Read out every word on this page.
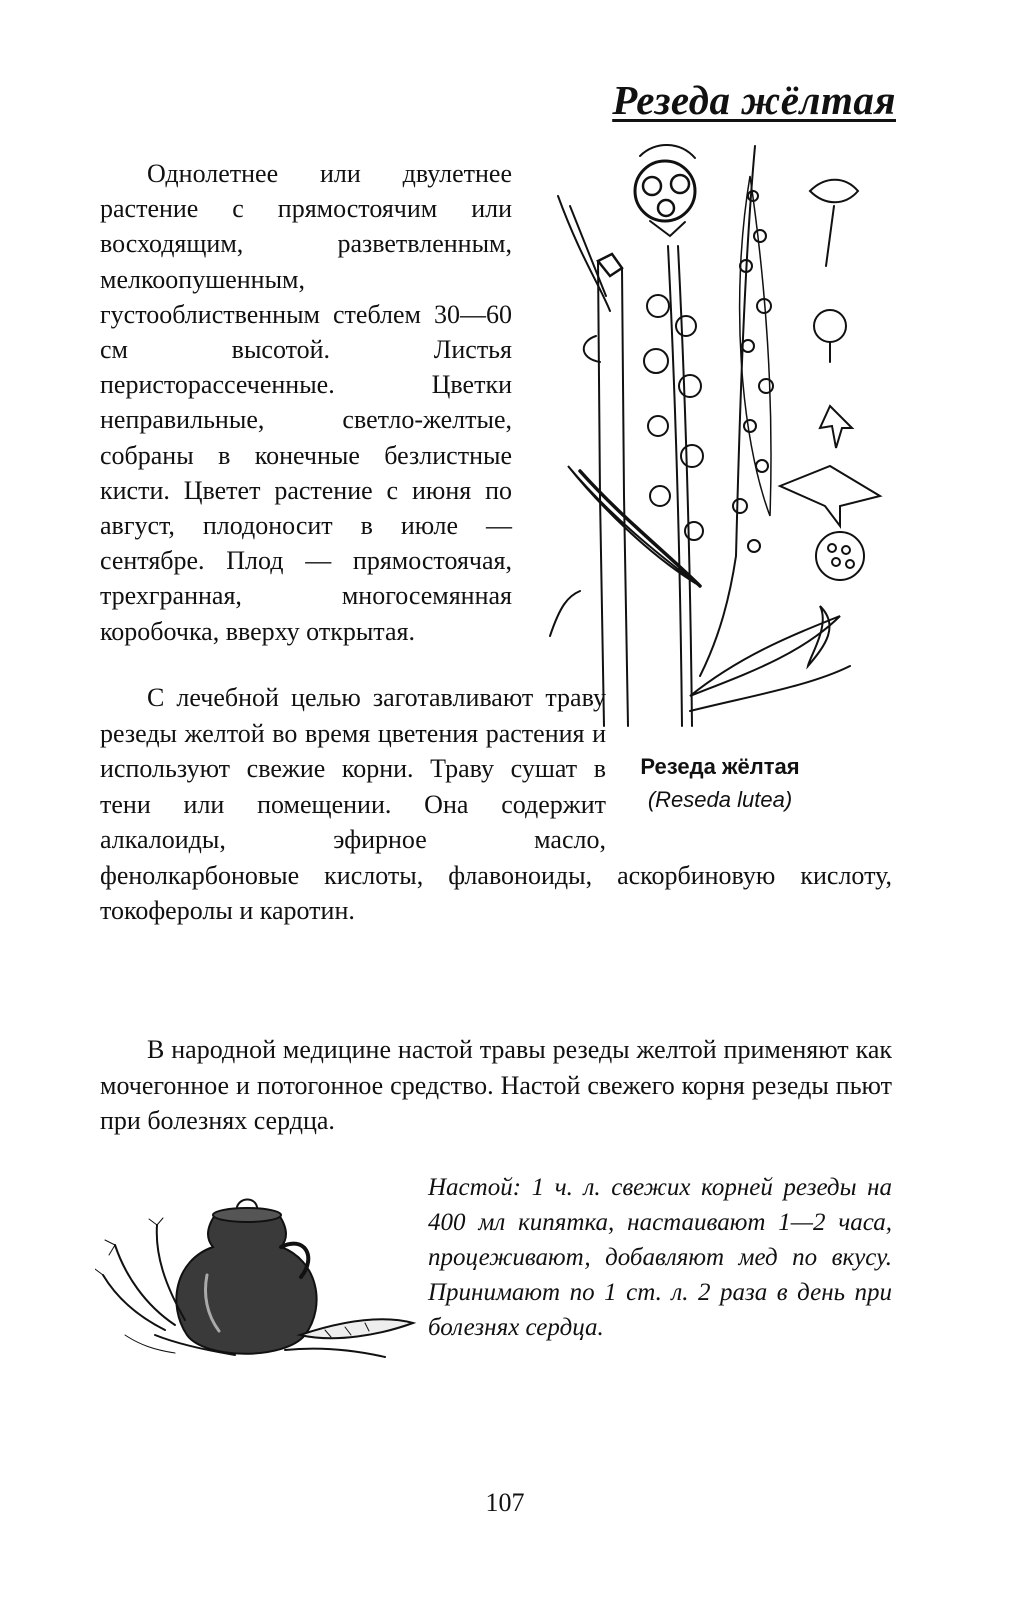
Резеда жёлтая
Однолетнее или двулетнее растение с прямостоячим или восходящим, разветвленным, мелкоопушенным, густооблиственным стеблем 30—60 см высотой. Листья перисторассеченные. Цветки неправильные, светло-желтые, собраны в конечные безлистные кисти. Цветет растение с июня по август, плодоносит в июле — сентябре. Плод — прямостоячая, трехгранная, многосемянная коробочка, вверху открытая.
Резеда жёлтая
(Reseda lutea)
С лечебной целью заготавливают траву резеды желтой во время цветения растения и используют свежие корни. Траву сушат в тени или помещении. Она содержит алкалоиды, эфирное масло, фенолкарбоновые кислоты, флавоноиды, аскорбиновую кислоту, токоферолы и каротин.
В народной медицине настой травы резеды желтой применяют как мочегонное и потогонное средство. Настой свежего корня резеды пьют при болезнях сердца.
Настой: 1 ч. л. свежих корней резеды на 400 мл кипятка, настаивают 1—2 часа, процеживают, добавляют мед по вкусу. Принимают по 1 ст. л. 2 раза в день при болезнях сердца.
107
